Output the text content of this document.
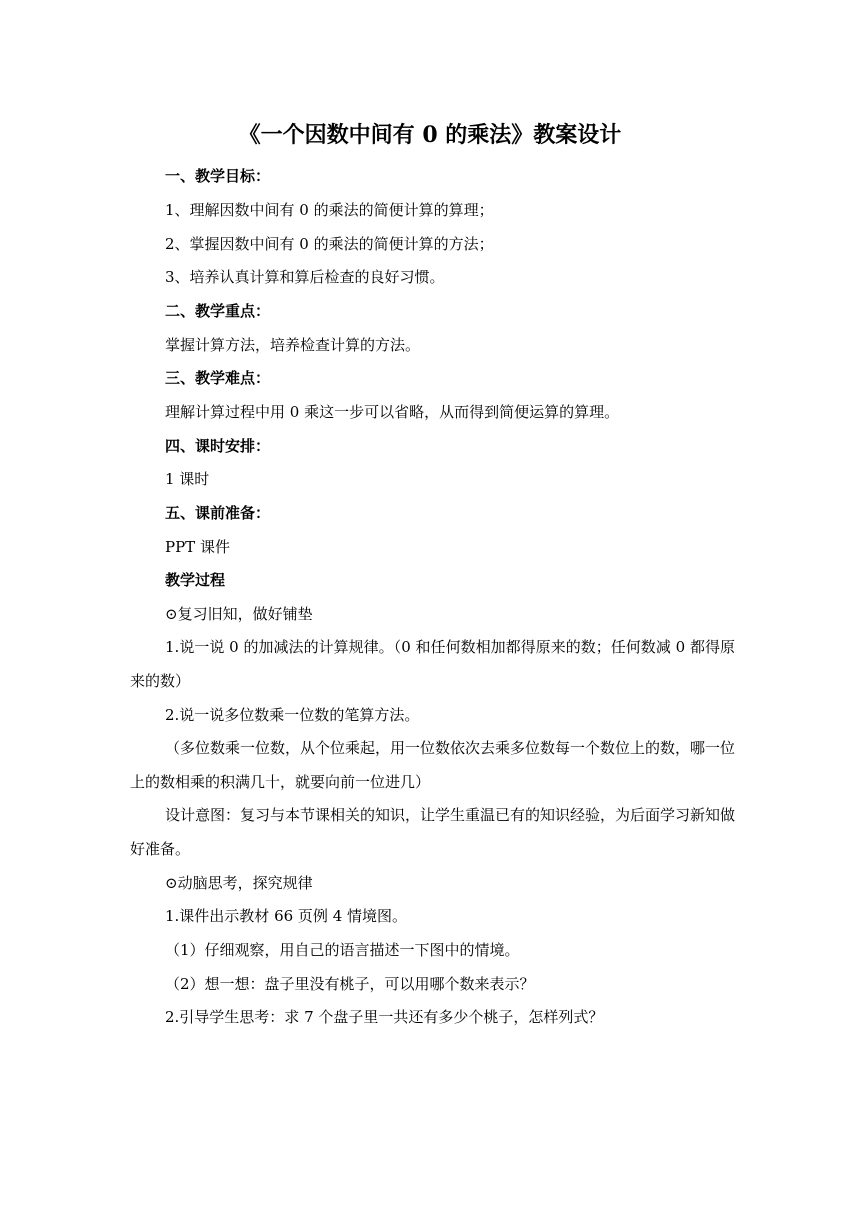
《一个因数中间有 0 的乘法》教案设计
一、教学目标：
1、理解因数中间有 0 的乘法的简便计算的算理；
2、掌握因数中间有 0 的乘法的简便计算的方法；
3、培养认真计算和算后检查的良好习惯。
二、教学重点：
掌握计算方法，培养检查计算的方法。
三、教学难点：
理解计算过程中用 0 乘这一步可以省略，从而得到简便运算的算理。
四、课时安排：
1 课时
五、课前准备：
PPT 课件
教学过程
⊙复习旧知，做好铺垫
1.说一说 0 的加减法的计算规律。（0 和任何数相加都得原来的数；任何数减 0 都得原来的数）
2.说一说多位数乘一位数的笔算方法。
（多位数乘一位数，从个位乘起，用一位数依次去乘多位数每一个数位上的数，哪一位上的数相乘的积满几十，就要向前一位进几）
设计意图：复习与本节课相关的知识，让学生重温已有的知识经验，为后面学习新知做好准备。
⊙动脑思考，探究规律
1.课件出示教材 66 页例 4 情境图。
（1）仔细观察，用自己的语言描述一下图中的情境。
（2）想一想：盘子里没有桃子，可以用哪个数来表示？
2.引导学生思考：求 7 个盘子里一共还有多少个桃子，怎样列式？
